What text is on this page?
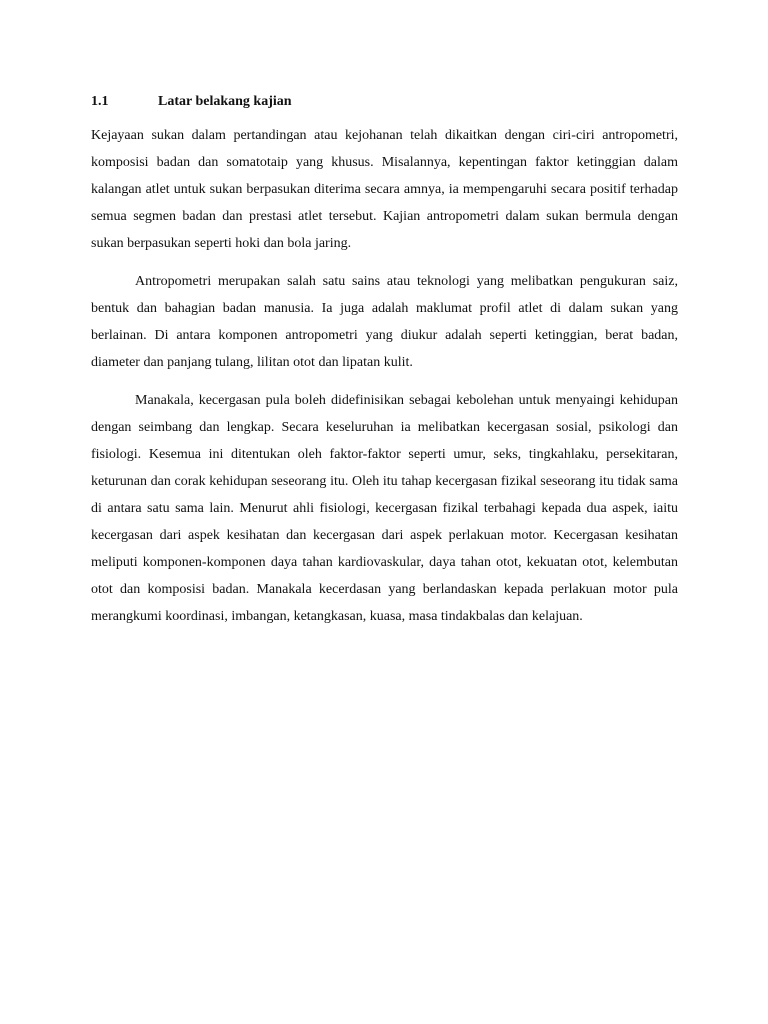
1.1	Latar belakang kajian

Kejayaan sukan dalam pertandingan atau kejohanan telah dikaitkan dengan ciri-ciri antropometri, komposisi badan dan somatotaip yang khusus. Misalannya, kepentingan faktor ketinggian dalam kalangan atlet untuk sukan berpasukan diterima secara amnya, ia mempengaruhi secara positif terhadap semua segmen badan dan prestasi atlet tersebut. Kajian antropometri dalam sukan bermula dengan sukan berpasukan seperti hoki dan bola jaring.

Antropometri merupakan salah satu sains atau teknologi yang melibatkan pengukuran saiz, bentuk dan bahagian badan manusia. Ia juga adalah maklumat profil atlet di dalam sukan yang berlainan. Di antara komponen antropometri yang diukur adalah seperti ketinggian, berat badan, diameter dan panjang tulang, lilitan otot dan lipatan kulit.

Manakala, kecergasan pula boleh didefinisikan sebagai kebolehan untuk menyaingi kehidupan dengan seimbang dan lengkap. Secara keseluruhan ia melibatkan kecergasan sosial, psikologi dan fisiologi. Kesemua ini ditentukan oleh faktor-faktor seperti umur, seks, tingkahlaku, persekitaran, keturunan dan corak kehidupan seseorang itu. Oleh itu tahap kecergasan fizikal seseorang itu tidak sama di antara satu sama lain. Menurut ahli fisiologi, kecergasan fizikal terbahagi kepada dua aspek, iaitu kecergasan dari aspek kesihatan dan kecergasan dari aspek perlakuan motor. Kecergasan kesihatan meliputi komponen-komponen daya tahan kardiovaskular, daya tahan otot, kekuatan otot, kelembutan otot dan komposisi badan. Manakala kecerdasan yang berlandaskan kepada perlakuan motor pula merangkumi koordinasi, imbangan, ketangkasan, kuasa, masa tindakbalas dan kelajuan.
